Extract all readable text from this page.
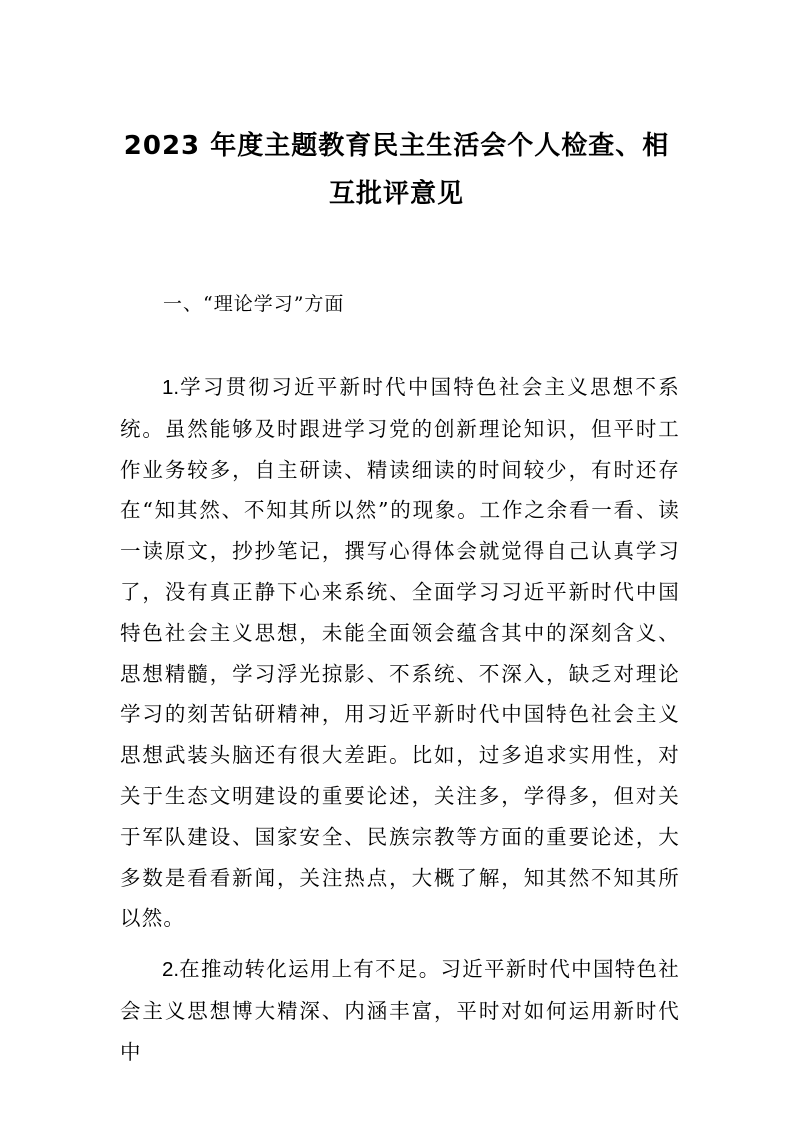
2023 年度主题教育民主生活会个人检查、相
互批评意见
一、“理论学习”方面

1.学习贯彻习近平新时代中国特色社会主义思想不系统。虽然能够及时跟进学习党的创新理论知识，但平时工作业务较多，自主研读、精读细读的时间较少，有时还存在“知其然、不知其所以然”的现象。工作之余看一看、读一读原文，抄抄笔记，撰写心得体会就觉得自己认真学习了，没有真正静下心来系统、全面学习习近平新时代中国特色社会主义思想，未能全面领会蕴含其中的深刻含义、思想精髓，学习浮光掠影、不系统、不深入，缺乏对理论学习的刻苦钻研精神，用习近平新时代中国特色社会主义思想武装头脑还有很大差距。比如，过多追求实用性，对关于生态文明建设的重要论述，关注多，学得多，但对关于军队建设、国家安全、民族宗教等方面的重要论述，大多数是看看新闻，关注热点，大概了解，知其然不知其所以然。

2.在推动转化运用上有不足。习近平新时代中国特色社会主义思想博大精深、内涵丰富，平时对如何运用新时代中
